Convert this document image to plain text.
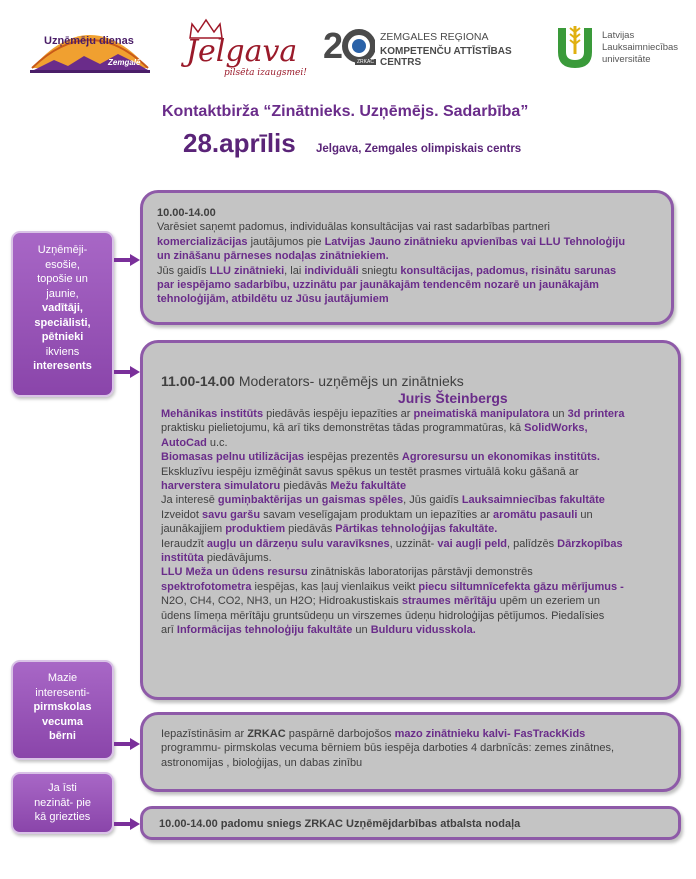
Uzņēmēju dienas
Zemgalē Jelgava
pilsēta izaugsmei!
2	ZRKAC
ZEMGALES REĢIONA
KOMPETENČU ATTĪSTĪBAS CENTRS
Latvijas
Lauksaimniecības
universitāte
Kontaktbirža “Zinātnieks. Uzņēmējs. Sadarbība”
28.aprīlis Jelgava, Zemgales olimpiskais centrs
Uzņēmēji-
esošie,
topošie un
jaunie,
vadītāji,
speciālisti,
pētnieki
ikviens
interesents
Mazie
interesenti-
pirmskolas
vecuma
bērni
Ja īsti
nezināt- pie
kā griezties
10.00-14.00
Varēsiet saņemt padomus, individuālas konsultācijas vai rast sadarbības partneri
komercializācijas jautājumos pie Latvijas Jauno zinātnieku apvienības vai LLU Tehnoloģiju
un zināšanu pārneses nodaļas zinātniekiem.
Jūs gaidīs LLU zinātnieki, lai individuāli sniegtu konsultācijas, padomus, risinātu sarunas
par iespējamo sadarbību, uzzinātu par jaunākajām tendencēm nozarē un jaunākajām
tehnoloģijām, atbildētu uz Jūsu jautājumiem
11.00-14.00 Moderators- uzņēmējs un zinātnieks
Juris Šteinbergs
Mehānikas institūts piedāvās iespēju iepazīties ar pneimatiskā manipulatora un 3d printera
praktisku pielietojumu, kā arī tiks demonstrētas tādas programmatūras, kā SolidWorks,
AutoCad u.c.
Biomasas pelnu utilizācijas iespējas prezentēs Agroresursu un ekonomikas institūts.
Ekskluzīvu iespēju izmēģināt savus spēkus un testēt prasmes virtuālā koku gāšanā ar
harverstera simulatoru piedāvās Mežu fakultāte
Ja interesē gumiņbaktērijas un gaismas spēles, Jūs gaidīs Lauksaimniecības fakultāte
Izveidot savu garšu savam veselīgajam produktam un iepazīties ar aromātu pasauli un
jaunākajjiem produktiem piedāvās Pārtikas tehnoloģijas fakultāte.
Ieraudzīt augļu un dārzeņu sulu varavīksnes, uzzināt- vai augļi peld, palīdzēs Dārzkopības
institūta piedāvājums.
LLU Meža un ūdens resursu zinātniskās laboratorijas pārstāvji demonstrēs
spektrofotometra iespējas, kas ļauj vienlaikus veikt piecu siltumnīcefekta gāzu mērījumus -
N2O, CH4, CO2, NH3, un H2O; Hidroakustiskais straumes mērītāju upēm un ezeriem un
ūdens līmeņa mērītāju gruntsūdeņu un virszemes ūdeņu hidroloģijas pētījumos. Piedalīsies
arī Informācijas tehnoloģiju fakultāte un Bulduru vidusskola.
Iepazīstināsim ar ZRKAC paspārnē darbojošos mazo zinātnieku kalvi- FasTrackKids
programmu- pirmskolas vecuma bērniem būs iespēja darboties 4 darbnīcās: zemes zinātnes,
astronomijas , bioloģijas, un dabas zinību
10.00-14.00 padomu sniegs ZRKAC Uzņēmējdarbības atbalsta nodaļa
